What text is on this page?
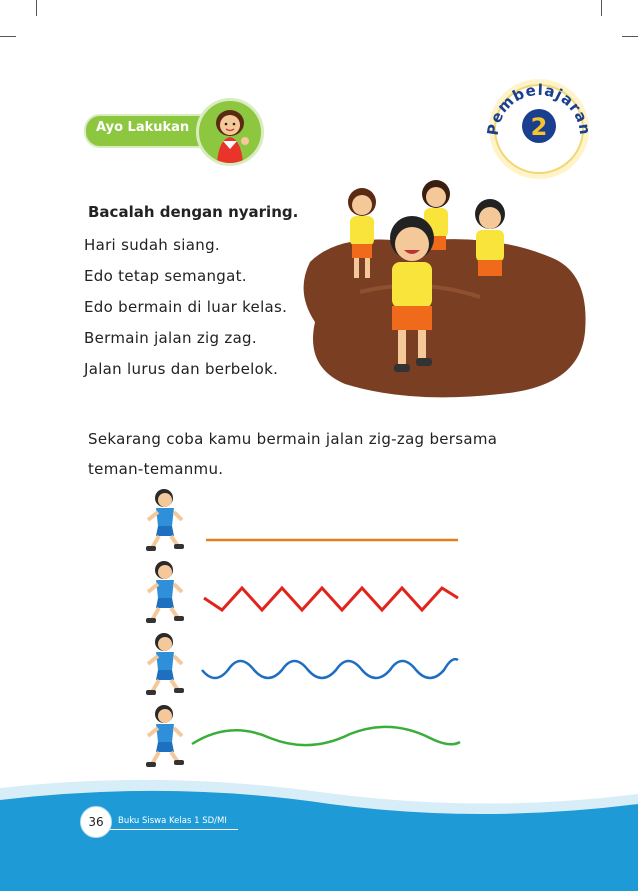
Ayo Lakukan	Pembelajaran
2
Bacalah dengan nyaring.
Hari sudah siang.
Edo tetap semangat.
Edo bermain di luar kelas.
Bermain jalan zig zag.
Jalan lurus dan berbelok.
Sekarang coba kamu bermain jalan zig-zag bersama
teman-temanmu.
36	Buku Siswa Kelas 1 SD/MI
